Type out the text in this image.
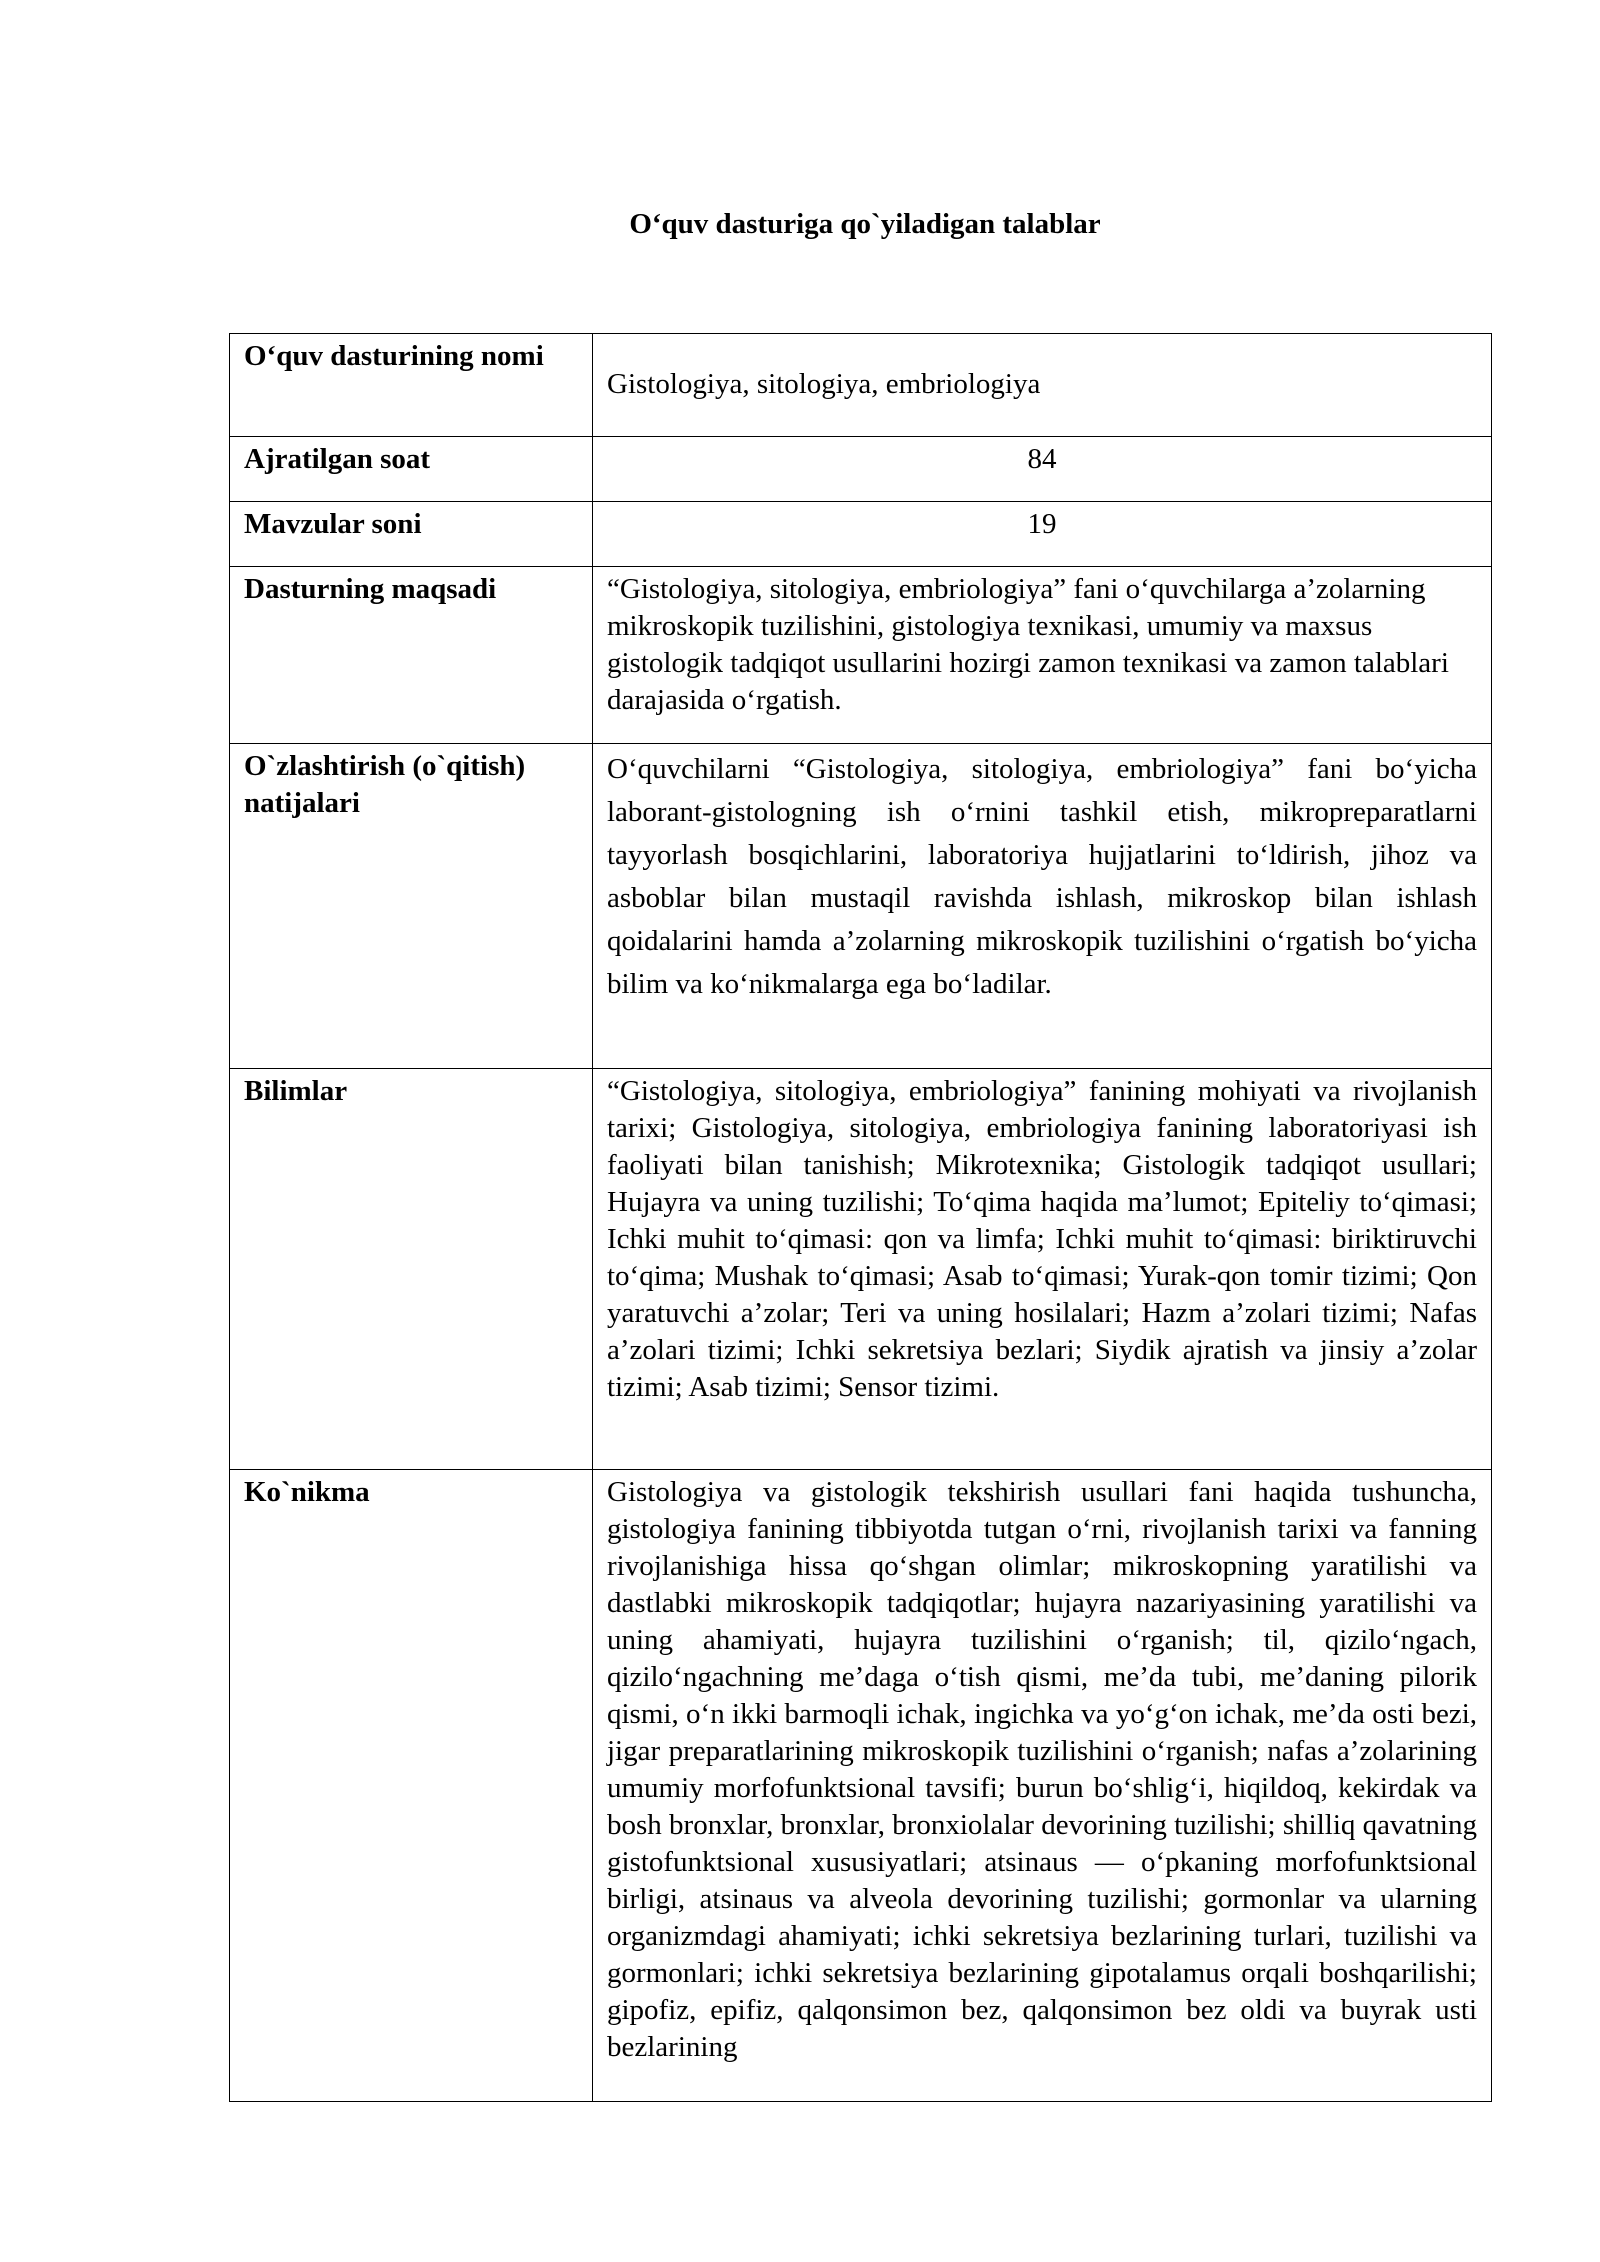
O‘quv dasturiga qo`yiladigan talablar
O‘quv dasturining nomi	Gistologiya, sitologiya, embriologiya
Ajratilgan soat	84
Mavzular soni	19
Dasturning maqsadi	“Gistologiya, sitologiya, embriologiya” fani o‘quvchilarga a’zolarning mikroskopik tuzilishini, gistologiya texnikasi, umumiy va maxsus gistologik tadqiqot usullarini hozirgi zamon texnikasi va zamon talablari darajasida o‘rgatish.
O`zlashtirish (o`qitish) natijalari	O‘quvchilarni “Gistologiya, sitologiya, embriologiya” fani bo‘yicha laborant-gistologning ish o‘rnini tashkil etish, mikropreparatlarni tayyorlash bosqichlarini, laboratoriya hujjatlarini to‘ldirish, jihoz va asboblar bilan mustaqil ravishda ishlash, mikroskop bilan ishlash qoidalarini hamda a’zolarning mikroskopik tuzilishini o‘rgatish bo‘yicha bilim va ko‘nikmalarga ega bo‘ladilar.
Bilimlar	“Gistologiya, sitologiya, embriologiya” fanining mohiyati va rivojlanish tarixi; Gistologiya, sitologiya, embriologiya fanining laboratoriyasi ish faoliyati bilan tanishish; Mikrotexnika; Gistologik tadqiqot usullari; Hujayra va uning tuzilishi; To‘qima haqida ma’lumot; Epiteliy to‘qimasi; Ichki muhit to‘qimasi: qon va limfa; Ichki muhit to‘qimasi: biriktiruvchi to‘qima; Mushak to‘qimasi; Asab to‘qimasi; Yurak-qon tomir tizimi; Qon yaratuvchi a’zolar; Teri va uning hosilalari; Hazm a’zolari tizimi; Nafas a’zolari tizimi; Ichki sekretsiya bezlari; Siydik ajratish va jinsiy a’zolar tizimi; Asab tizimi; Sensor tizimi.
Ko`nikma	Gistologiya va gistologik tekshirish usullari fani haqida tushuncha, gistologiya fanining tibbiyotda tutgan o‘rni, rivojlanish tarixi va fanning rivojlanishiga hissa qo‘shgan olimlar; mikroskopning yaratilishi va dastlabki mikroskopik tadqiqotlar; hujayra nazariyasining yaratilishi va uning ahamiyati, hujayra tuzilishini o‘rganish; til, qizilo‘ngach, qizilo‘ngachning me’daga o‘tish qismi, me’da tubi, me’daning pilorik qismi, o‘n ikki barmoqli ichak, ingichka va yo‘g‘on ichak, me’da osti bezi, jigar preparatlarining mikroskopik tuzilishini o‘rganish; nafas a’zolarining umumiy morfofunktsional tavsifi; burun bo‘shlig‘i, hiqildoq, kekirdak va bosh bronxlar, bronxlar, bronxiolalar devorining tuzilishi; shilliq qavatning gistofunktsional xususiyatlari; atsinaus — o‘pkaning morfofunktsional birligi, atsinaus va alveola devorining tuzilishi; gormonlar va ularning organizmdagi ahamiyati; ichki sekretsiya bezlarining turlari, tuzilishi va gormonlari; ichki sekretsiya bezlarining gipotalamus orqali boshqarilishi; gipofiz, epifiz, qalqonsimon bez, qalqonsimon bez oldi va buyrak usti bezlarining
